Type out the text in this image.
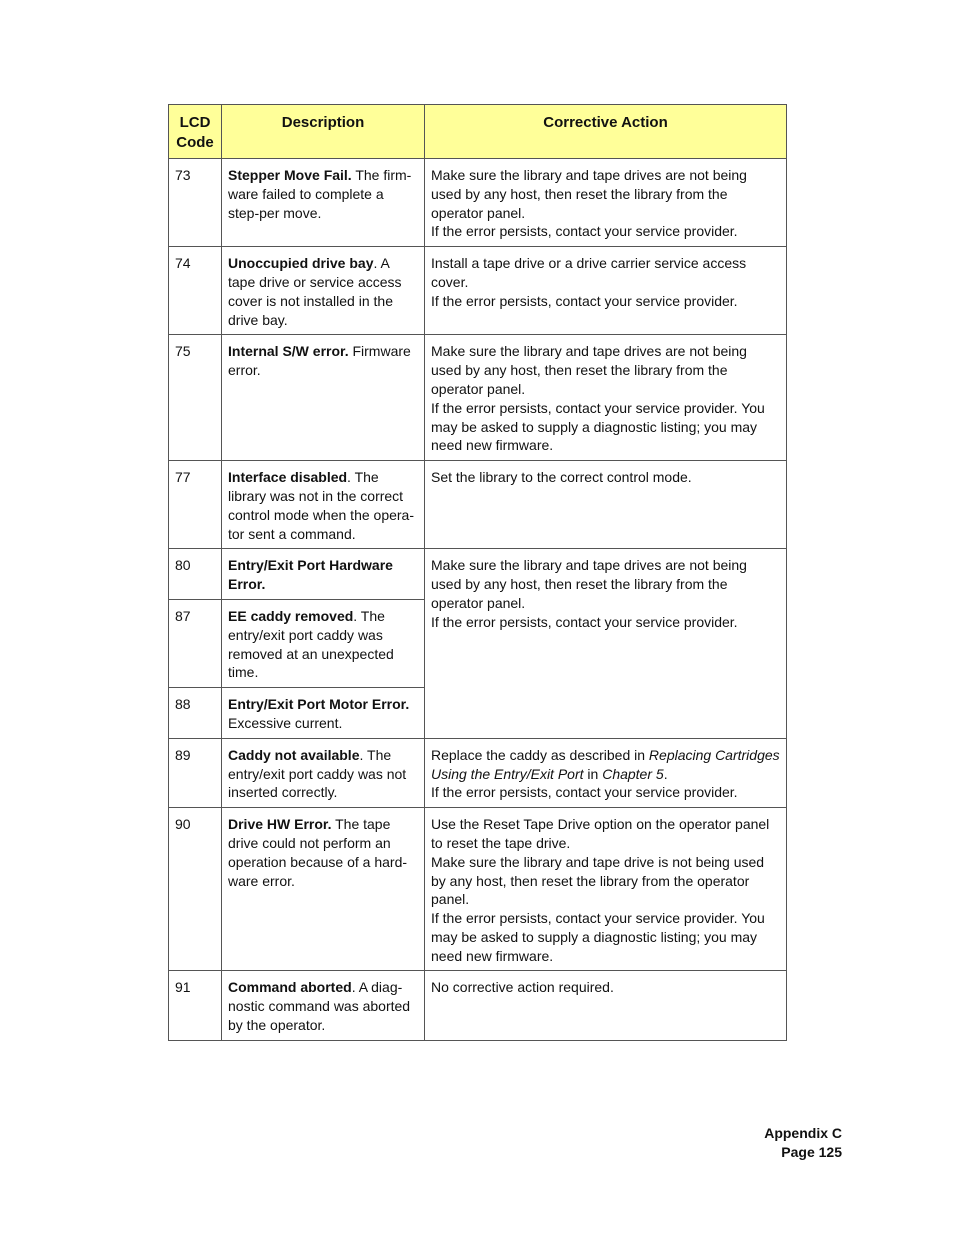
LCD Code	Description	Corrective Action
73	Stepper Move Fail. The firm-ware failed to complete a step-per move.	Make sure the library and tape drives are not being used by any host, then reset the library from the operator panel.

If the error persists, contact your service provider.

74	Unoccupied drive bay. A tape drive or service access cover is not installed in the drive bay.	Install a tape drive or a drive carrier service access cover.

If the error persists, contact your service provider.

75	Internal S/W error. Firmware error.	Make sure the library and tape drives are not being used by any host, then reset the library from the operator panel.

If the error persists, contact your service provider. You may be asked to supply a diagnostic listing; you may need new firmware.

77	Interface disabled. The library was not in the correct control mode when the opera-tor sent a command.	Set the library to the correct control mode.

80	Entry/Exit Port Hardware Error.	Make sure the library and tape drives are not being used by any host, then reset the library from the operator panel.

If the error persists, contact your service provider.

87	EE caddy removed. The entry/exit port caddy was removed at an unexpected time.	
88	Entry/Exit Port Motor Error. Excessive current.	
89	Caddy not available. The entry/exit port caddy was not inserted correctly.	Replace the caddy as described in Replacing Cartridges Using the Entry/Exit Port in Chapter 5.

If the error persists, contact your service provider.

90	Drive HW Error. The tape drive could not perform an operation because of a hard-ware error.	Use the Reset Tape Drive option on the operator panel to reset the tape drive.

Make sure the library and tape drive is not being used by any host, then reset the library from the operator panel.

If the error persists, contact your service provider. You may be asked to supply a diagnostic listing; you may need new firmware.

91	Command aborted. A diag-nostic command was aborted by the operator.	No corrective action required.

Appendix C
Page 125
